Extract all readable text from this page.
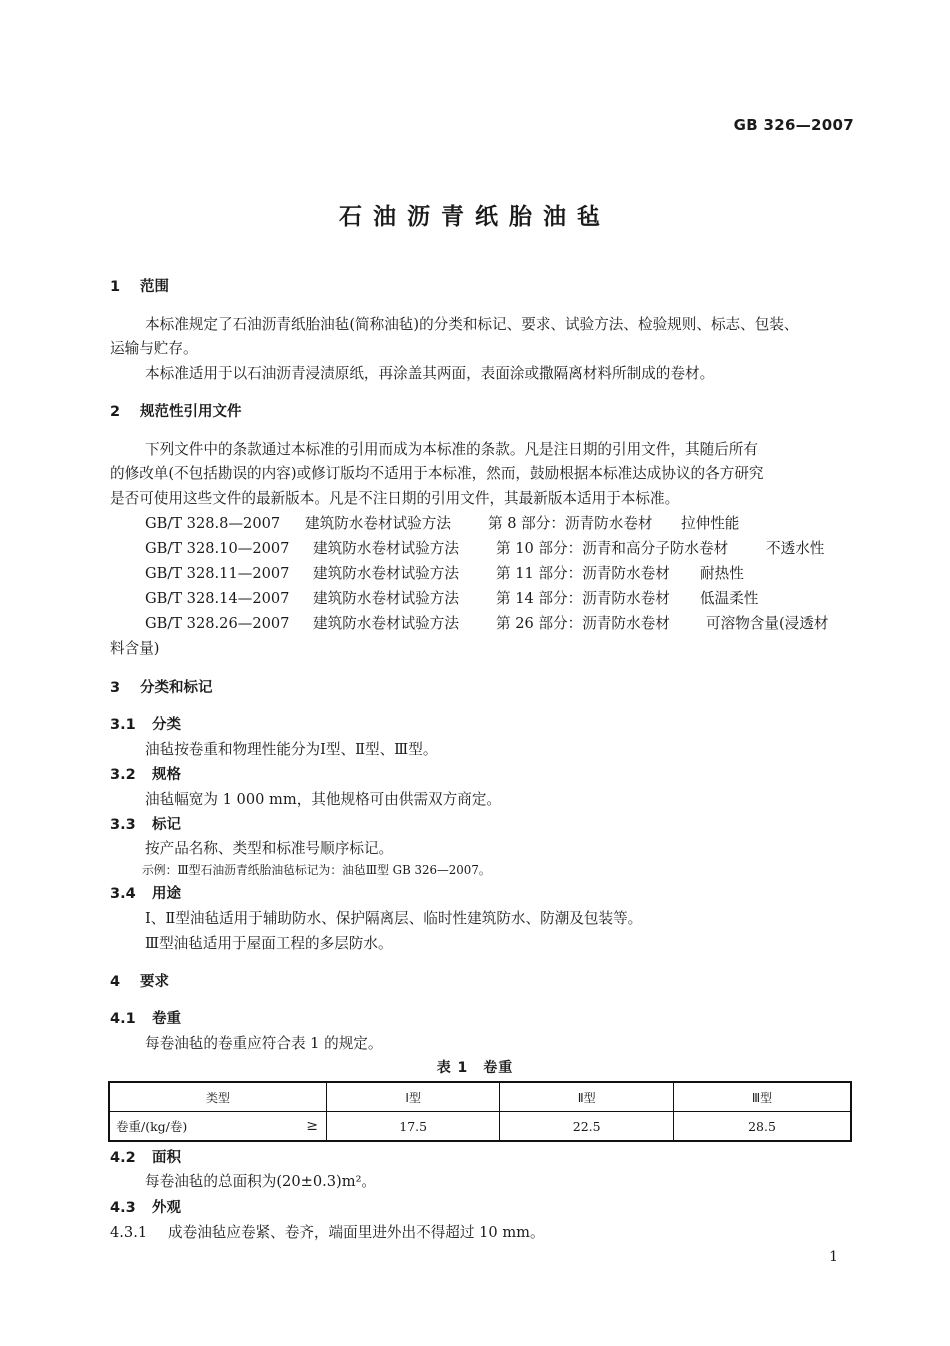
GB 326—2007
石油沥青纸胎油毡
1 范围
本标准规定了石油沥青纸胎油毡(简称油毡)的分类和标记、要求、试验方法、检验规则、标志、包装、
运输与贮存。
本标准适用于以石油沥青浸渍原纸，再涂盖其两面，表面涂或撒隔离材料所制成的卷材。
2 规范性引用文件
下列文件中的条款通过本标准的引用而成为本标准的条款。凡是注日期的引用文件，其随后所有
的修改单(不包括勘误的内容)或修订版均不适用于本标准，然而，鼓励根据本标准达成协议的各方研究
是否可使用这些文件的最新版本。凡是不注日期的引用文件，其最新版本适用于本标准。
GB/T 328.8—2007 建筑防水卷材试验方法	第 8 部分：沥青防水卷材 拉伸性能
GB/T 328.10—2007 建筑防水卷材试验方法	第 10 部分：沥青和高分子防水卷材	不透水性
GB/T 328.11—2007 建筑防水卷材试验方法	第 11 部分：沥青防水卷材 耐热性
GB/T 328.14—2007 建筑防水卷材试验方法	第 14 部分：沥青防水卷材 低温柔性
GB/T 328.26—2007 建筑防水卷材试验方法	第 26 部分：沥青防水卷材 可溶物含量(浸透材
料含量)
3 分类和标记
3.1 分类
油毡按卷重和物理性能分为Ⅰ型、Ⅱ型、Ⅲ型。
3.2 规格
油毡幅宽为 1 000 mm，其他规格可由供需双方商定。
3.3 标记
按产品名称、类型和标准号顺序标记。
示例：Ⅲ型石油沥青纸胎油毡标记为：油毡Ⅲ型 GB 326—2007。
3.4 用途
Ⅰ、Ⅱ型油毡适用于辅助防水、保护隔离层、临时性建筑防水、防潮及包装等。
Ⅲ型油毡适用于屋面工程的多层防水。
4 要求
4.1 卷重
每卷油毡的卷重应符合表 1 的规定。
表 1　卷重
类型	Ⅰ型	Ⅱ型	Ⅲ型
卷重/(kg/卷) ≥	17.5	22.5	28.5
4.2 面积
每卷油毡的总面积为(20±0.3)m²。
4.3 外观
4.3.1 成卷油毡应卷紧、卷齐，端面里进外出不得超过 10 mm。
1
